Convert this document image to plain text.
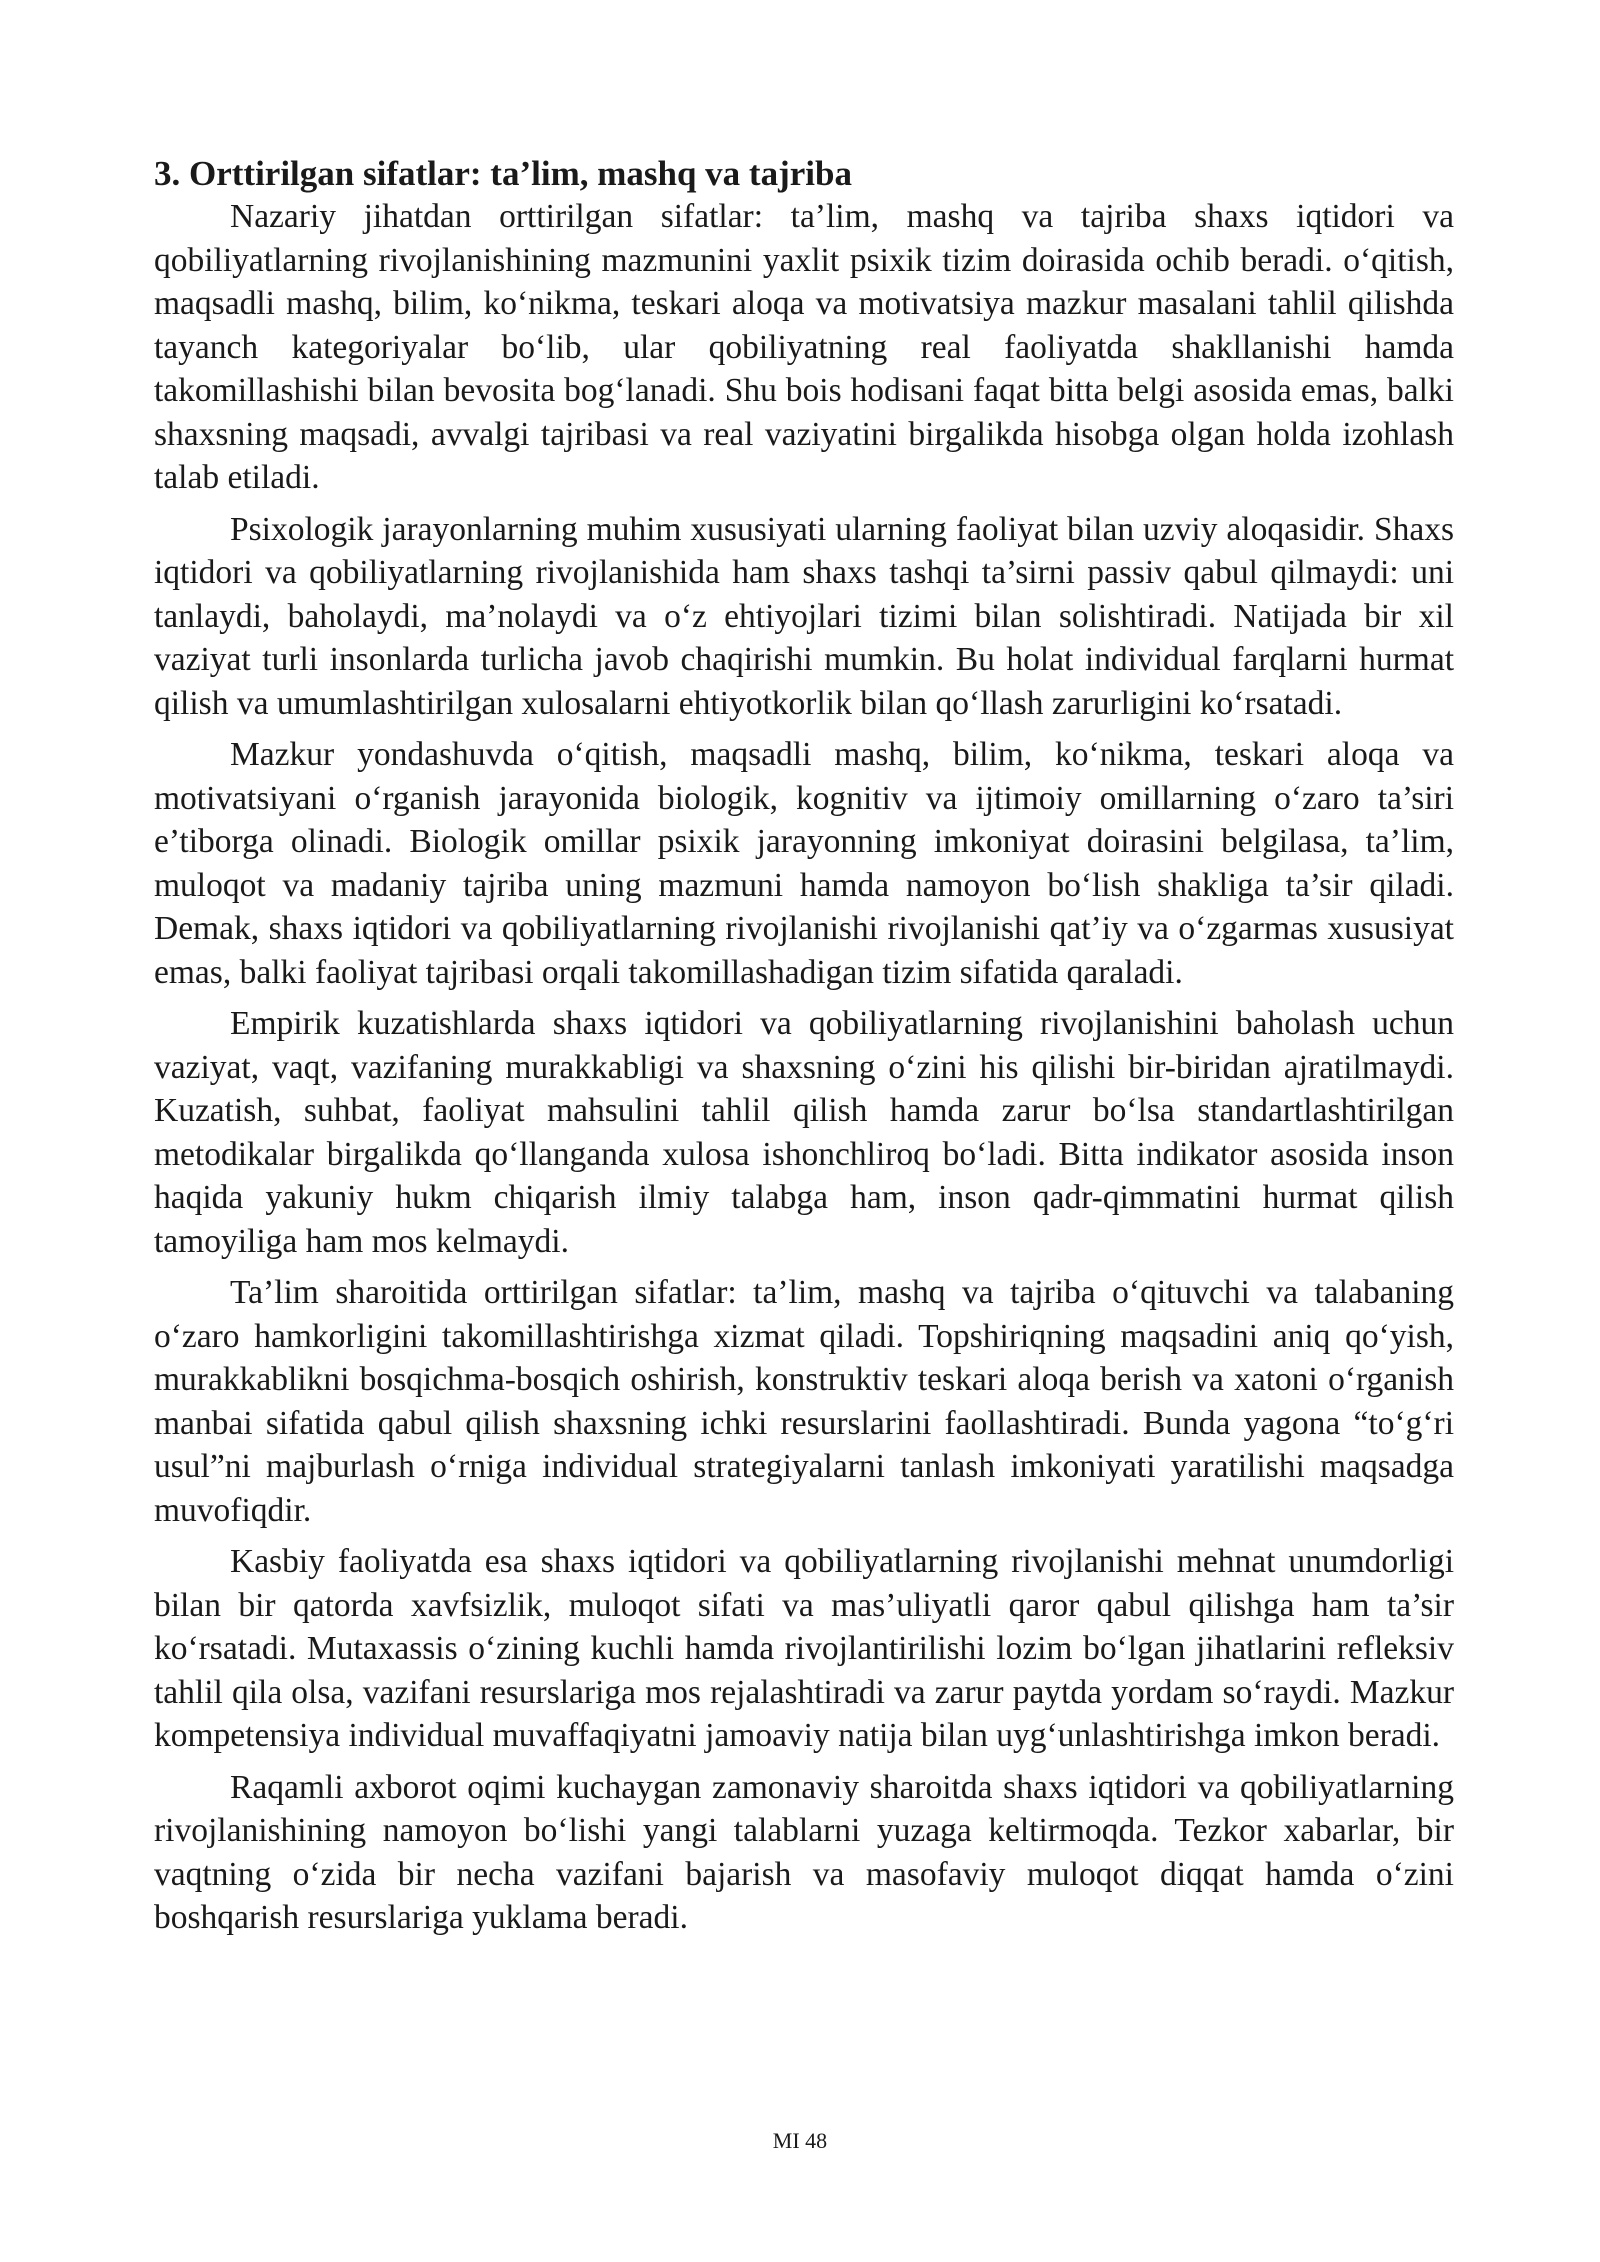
3. Orttirilgan sifatlar: ta’lim, mashq va tajriba

Nazariy jihatdan orttirilgan sifatlar: ta’lim, mashq va tajriba shaxs iqtidori va qobiliyatlarning rivojlanishining mazmunini yaxlit psixik tizim doirasida ochib beradi. o‘qitish, maqsadli mashq, bilim, ko‘nikma, teskari aloqa va motivatsiya mazkur masalani tahlil qilishda tayanch kategoriyalar bo‘lib, ular qobiliyatning real faoliyatda shakllanishi hamda takomillashishi bilan bevosita bog‘lanadi. Shu bois hodisani faqat bitta belgi asosida emas, balki shaxsning maqsadi, avvalgi tajribasi va real vaziyatini birgalikda hisobga olgan holda izohlash talab etiladi.

Psixologik jarayonlarning muhim xususiyati ularning faoliyat bilan uzviy aloqasidir. Shaxs iqtidori va qobiliyatlarning rivojlanishida ham shaxs tashqi ta’sirni passiv qabul qilmaydi: uni tanlaydi, baholaydi, ma’nolaydi va o‘z ehtiyojlari tizimi bilan solishtiradi. Natijada bir xil vaziyat turli insonlarda turlicha javob chaqirishi mumkin. Bu holat individual farqlarni hurmat qilish va umumlashtirilgan xulosalarni ehtiyotkorlik bilan qo‘llash zarurligini ko‘rsatadi.

Mazkur yondashuvda o‘qitish, maqsadli mashq, bilim, ko‘nikma, teskari aloqa va motivatsiyani o‘rganish jarayonida biologik, kognitiv va ijtimoiy omillarning o‘zaro ta’siri e’tiborga olinadi. Biologik omillar psixik jarayonning imkoniyat doirasini belgilasa, ta’lim, muloqot va madaniy tajriba uning mazmuni hamda namoyon bo‘lish shakliga ta’sir qiladi. Demak, shaxs iqtidori va qobiliyatlarning rivojlanishi rivojlanishi qat’iy va o‘zgarmas xususiyat emas, balki faoliyat tajribasi orqali takomillashadigan tizim sifatida qaraladi.

Empirik kuzatishlarda shaxs iqtidori va qobiliyatlarning rivojlanishini baholash uchun vaziyat, vaqt, vazifaning murakkabligi va shaxsning o‘zini his qilishi bir-biridan ajratilmaydi. Kuzatish, suhbat, faoliyat mahsulini tahlil qilish hamda zarur bo‘lsa standartlashtirilgan metodikalar birgalikda qo‘llanganda xulosa ishonchliroq bo‘ladi. Bitta indikator asosida inson haqida yakuniy hukm chiqarish ilmiy talabga ham, inson qadr-qimmatini hurmat qilish tamoyiliga ham mos kelmaydi.

Ta’lim sharoitida orttirilgan sifatlar: ta’lim, mashq va tajriba o‘qituvchi va talabaning o‘zaro hamkorligini takomillashtirishga xizmat qiladi. Topshiriqning maqsadini aniq qo‘yish, murakkablikni bosqichma-bosqich oshirish, konstruktiv teskari aloqa berish va xatoni o‘rganish manbai sifatida qabul qilish shaxsning ichki resurslarini faollashtiradi. Bunda yagona “to‘g‘ri usul”ni majburlash o‘rniga individual strategiyalarni tanlash imkoniyati yaratilishi maqsadga muvofiqdir.

Kasbiy faoliyatda esa shaxs iqtidori va qobiliyatlarning rivojlanishi mehnat unumdorligi bilan bir qatorda xavfsizlik, muloqot sifati va mas’uliyatli qaror qabul qilishga ham ta’sir ko‘rsatadi. Mutaxassis o‘zining kuchli hamda rivojlantirilishi lozim bo‘lgan jihatlarini refleksiv tahlil qila olsa, vazifani resurslariga mos rejalashtiradi va zarur paytda yordam so‘raydi. Mazkur kompetensiya individual muvaffaqiyatni jamoaviy natija bilan uyg‘unlashtirishga imkon beradi.

Raqamli axborot oqimi kuchaygan zamonaviy sharoitda shaxs iqtidori va qobiliyatlarning rivojlanishining namoyon bo‘lishi yangi talablarni yuzaga keltirmoqda. Tezkor xabarlar, bir vaqtning o‘zida bir necha vazifani bajarish va masofaviy muloqot diqqat hamda o‘zini boshqarish resurslariga yuklama beradi.

MI 48
